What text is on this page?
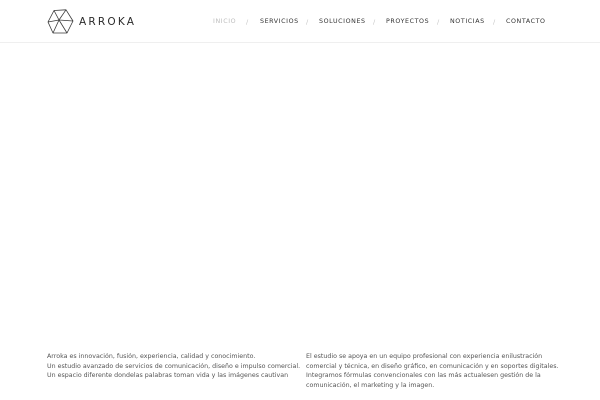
ARROKA	INICIO / SERVICIOS / SOLUCIONES / PROYECTOS / NOTICIAS / CONTACTO
Arroka es innovación, fusión, experiencia, calidad y conocimiento.
Un estudio avanzado de servicios de comunicación, diseño e impulso comercial.
Un espacio diferente dondelas palabras toman vida y las imágenes cautivan
El estudio se apoya en un equipo profesional con experiencia enilustración
comercial y técnica, en diseño gráfico, en comunicación y en soportes digitales.
Integramos fórmulas convencionales con las más actualesen gestión de la
comunicación, el marketing y la imagen.
